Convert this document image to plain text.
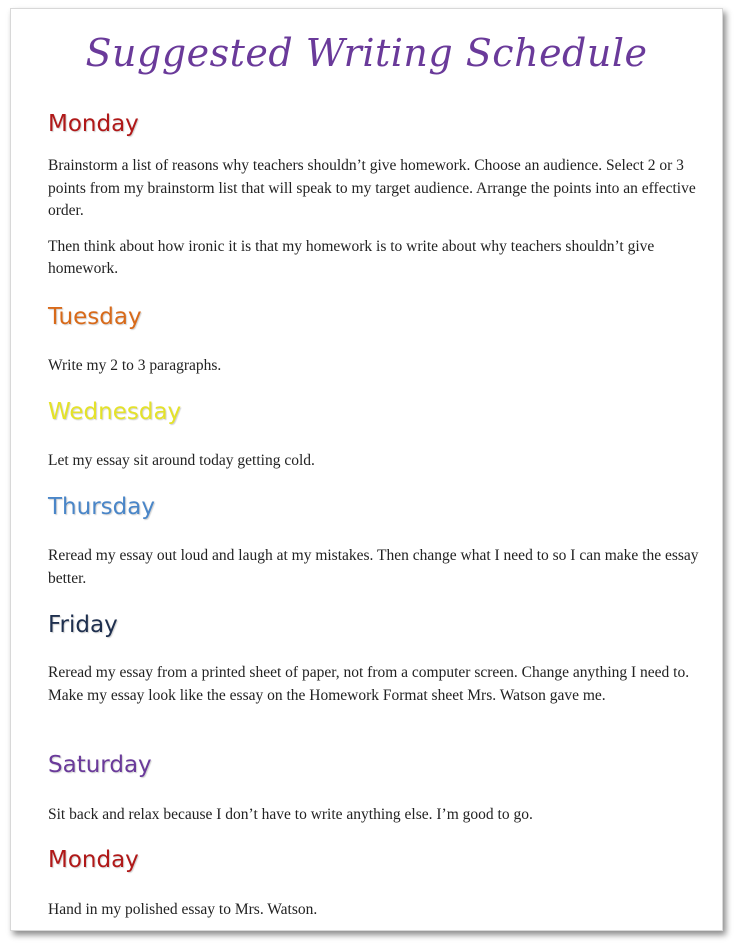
Suggested Writing Schedule
Monday

Brainstorm a list of reasons why teachers shouldn’t give homework. Choose an audience. Select 2 or 3 points from my brainstorm list that will speak to my target audience. Arrange the points into an effective order.

Then think about how ironic it is that my homework is to write about why teachers shouldn’t give homework.

Tuesday

Write my 2 to 3 paragraphs.

Wednesday

Let my essay sit around today getting cold.

Thursday

Reread my essay out loud and laugh at my mistakes. Then change what I need to so I can make the essay better.

Friday

Reread my essay from a printed sheet of paper, not from a computer screen. Change anything I need to. Make my essay look like the essay on the Homework Format sheet Mrs. Watson gave me.

Saturday

Sit back and relax because I don’t have to write anything else. I’m good to go.

Monday

Hand in my polished essay to Mrs. Watson.
